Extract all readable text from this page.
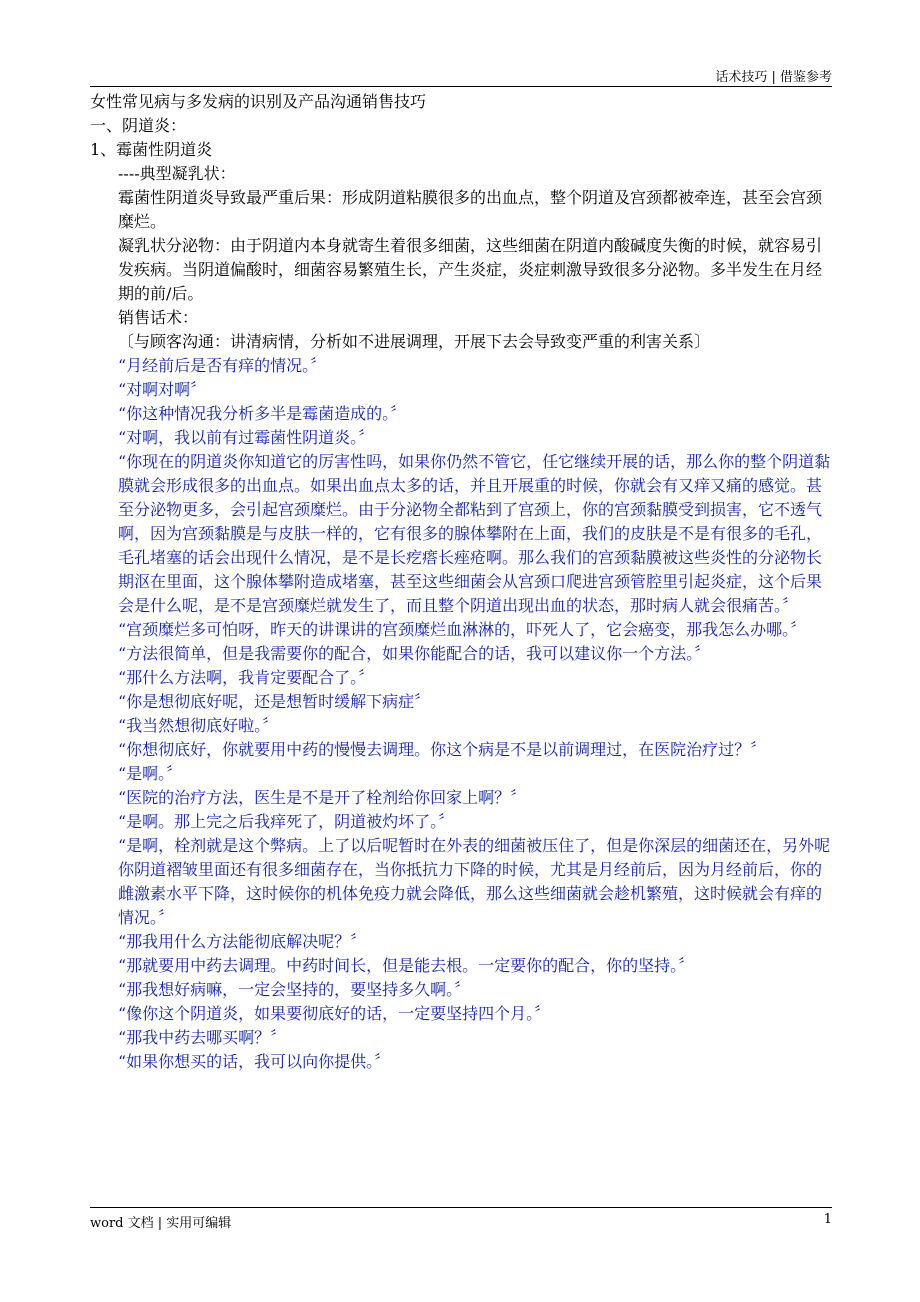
话术技巧 | 借鉴参考

女性常见病与多发病的识别及产品沟通销售技巧

一、阴道炎：

1、霉菌性阴道炎

----典型凝乳状：

霉菌性阴道炎导致最严重后果：形成阴道粘膜很多的出血点，整个阴道及宫颈都被牵连，甚至会宫颈糜烂。

凝乳状分泌物：由于阴道内本身就寄生着很多细菌，这些细菌在阴道内酸碱度失衡的时候，就容易引发疾病。当阴道偏酸时，细菌容易繁殖生长，产生炎症，炎症刺激导致很多分泌物。多半发生在月经期的前/后。

销售话术：

〔与顾客沟通：讲清病情，分析如不进展调理，开展下去会导致变严重的利害关系〕

“月经前后是否有痒的情况。〞

“对啊对啊〞

“你这种情况我分析多半是霉菌造成的。〞

“对啊，我以前有过霉菌性阴道炎。〞

“你现在的阴道炎你知道它的厉害性吗，如果你仍然不管它，任它继续开展的话，那么你的整个阴道黏膜就会形成很多的出血点。如果出血点太多的话，并且开展重的时候，你就会有又痒又痛的感觉。甚至分泌物更多，会引起宫颈糜烂。由于分泌物全都粘到了宫颈上，你的宫颈黏膜受到损害，它不透气啊，因为宫颈黏膜是与皮肤一样的，它有很多的腺体攀附在上面，我们的皮肤是不是有很多的毛孔，毛孔堵塞的话会出现什么情况，是不是长疙瘩长痤疮啊。那么我们的宫颈黏膜被这些炎性的分泌物长期沤在里面，这个腺体攀附造成堵塞，甚至这些细菌会从宫颈口爬进宫颈管腔里引起炎症，这个后果会是什么呢，是不是宫颈糜烂就发生了，而且整个阴道出现出血的状态，那时病人就会很痛苦。〞

“宫颈糜烂多可怕呀，昨天的讲课讲的宫颈糜烂血淋淋的，吓死人了，它会癌变，那我怎么办哪。〞

“方法很简单，但是我需要你的配合，如果你能配合的话，我可以建议你一个方法。〞

“那什么方法啊，我肯定要配合了。〞

“你是想彻底好呢，还是想暂时缓解下病症〞

“我当然想彻底好啦。〞

“你想彻底好，你就要用中药的慢慢去调理。你这个病是不是以前调理过，在医院治疗过？〞

“是啊。〞

“医院的治疗方法，医生是不是开了栓剂给你回家上啊？〞

“是啊。那上完之后我痒死了，阴道被灼坏了。〞

“是啊，栓剂就是这个弊病。上了以后呢暂时在外表的细菌被压住了，但是你深层的细菌还在，另外呢你阴道褶皱里面还有很多细菌存在，当你抵抗力下降的时候，尤其是月经前后，因为月经前后，你的雌激素水平下降，这时候你的机体免疫力就会降低，那么这些细菌就会趁机繁殖，这时候就会有痒的情况。〞

“那我用什么方法能彻底解决呢？〞

“那就要用中药去调理。中药时间长，但是能去根。一定要你的配合，你的坚持。〞

“那我想好病嘛，一定会坚持的，要坚持多久啊。〞

“像你这个阴道炎，如果要彻底好的话，一定要坚持四个月。〞

“那我中药去哪买啊？〞

“如果你想买的话，我可以向你提供。〞

word 文档 | 实用可编辑	1
